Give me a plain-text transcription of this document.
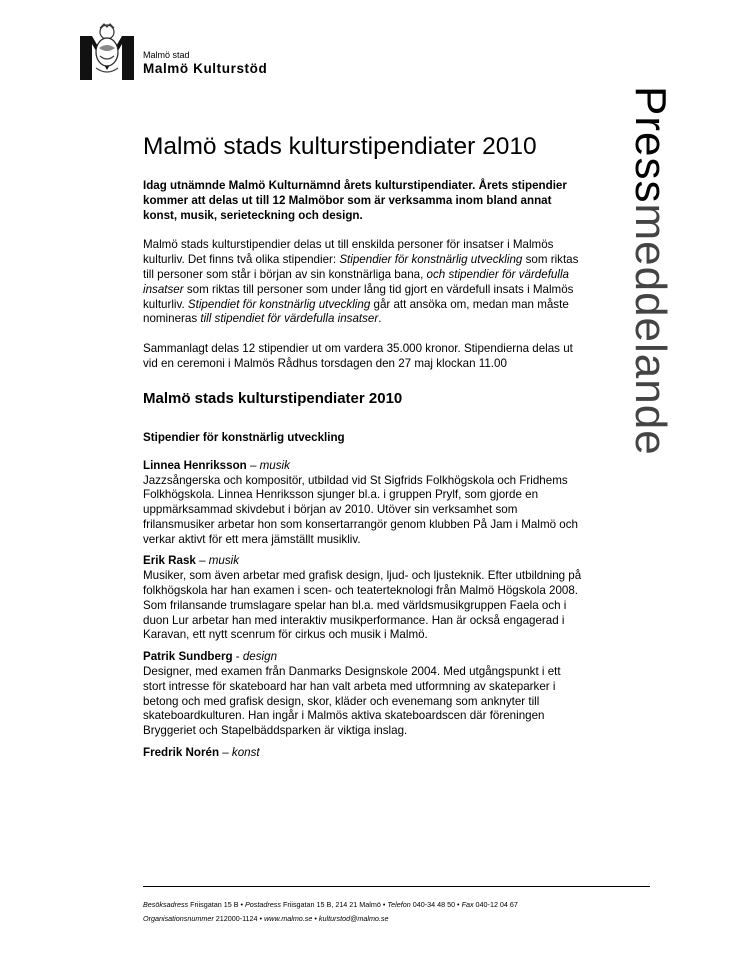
Malmö stad
Malmö Kulturstöd
Pressmeddelande
Malmö stads kulturstipendiater 2010

Idag utnämnde Malmö Kulturnämnd årets kulturstipendiater. Årets stipendier kommer att delas ut till 12 Malmöbor som är verksamma inom bland annat konst, musik, serieteckning och design.

Malmö stads kulturstipendier delas ut till enskilda personer för insatser i Malmös kulturliv. Det finns två olika stipendier: Stipendier för konstnärlig utveckling som riktas till personer som står i början av sin konstnärliga bana, och stipendier för värdefulla insatser som riktas till personer som under lång tid gjort en värdefull insats i Malmös kulturliv. Stipendiet för konstnärlig utveckling går att ansöka om, medan man måste nomineras till stipendiet för värdefulla insatser.

Sammanlagt delas 12 stipendier ut om vardera 35.000 kronor. Stipendierna delas ut vid en ceremoni i Malmös Rådhus torsdagen den 27 maj klockan 11.00

Malmö stads kulturstipendiater 2010
Stipendier för konstnärlig utveckling

Linnea Henriksson – musik

Jazzsångerska och kompositör, utbildad vid St Sigfrids Folkhögskola och Fridhems Folkhögskola. Linnea Henriksson sjunger bl.a. i gruppen Prylf, som gjorde en uppmärksammad skivdebut i början av 2010. Utöver sin verksamhet som frilansmusiker arbetar hon som konsertarrangör genom klubben På Jam i Malmö och verkar aktivt för ett mera jämställt musikliv.

Erik Rask – musik

Musiker, som även arbetar med grafisk design, ljud- och ljusteknik. Efter utbildning på folkhögskola har han examen i scen- och teaterteknologi från Malmö Högskola 2008. Som frilansande trumslagare spelar han bl.a. med världsmusikgruppen Faela och i duon Lur arbetar han med interaktiv musikperformance. Han är också engagerad i Karavan, ett nytt scenrum för cirkus och musik i Malmö.

Patrik Sundberg - design

Designer, med examen från Danmarks Designskole 2004. Med utgångspunkt i ett stort intresse för skateboard har han valt arbeta med utformning av skateparker i betong och med grafisk design, skor, kläder och evenemang som anknyter till skateboardkulturen. Han ingår i Malmös aktiva skateboardscen där föreningen Bryggeriet och Stapelbäddsparken är viktiga inslag.

Fredrik Norén – konst

Besöksadress Friisgatan 15 B • Postadress Friisgatan 15 B, 214 21 Malmö • Telefon 040-34 48 50 • Fax 040-12 04 67
Organisationsnummer 212000-1124 • www.malmo.se • kulturstod@malmo.se
